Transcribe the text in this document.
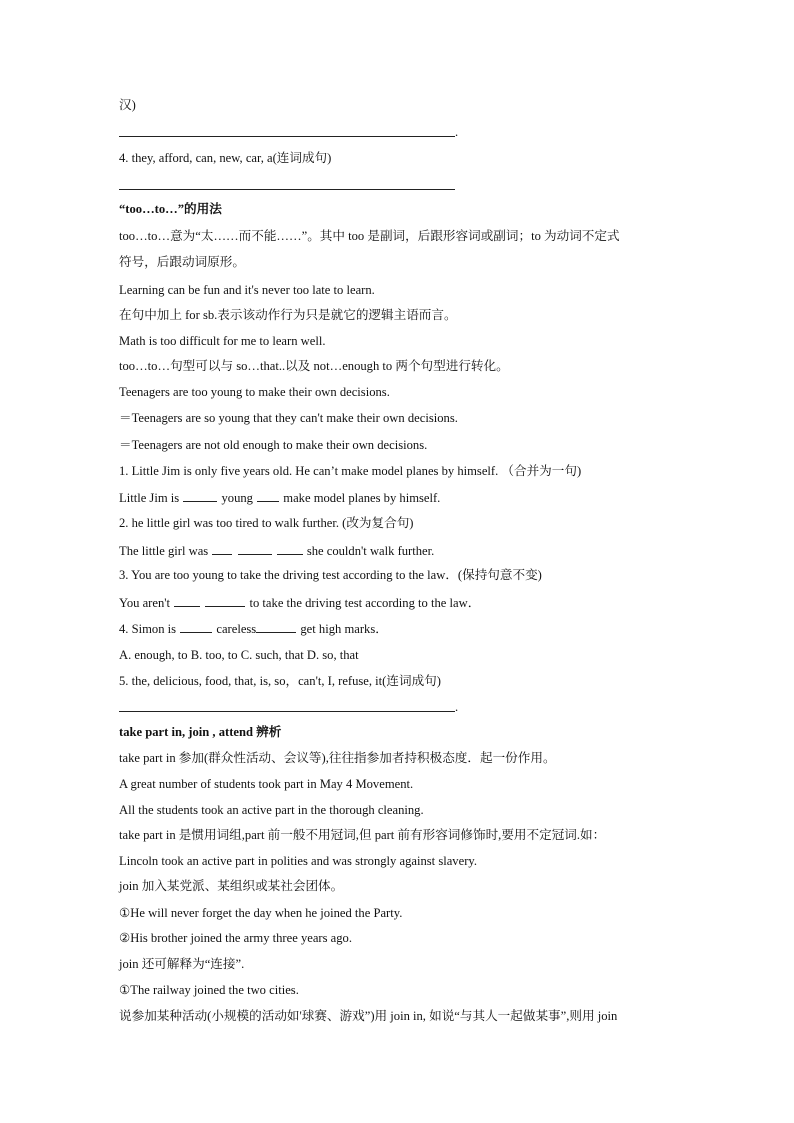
汉)
.
4. they, afford, can, new, car, a(连词成句)
“too…to…”的用法
too…to…意为“太……而不能……”。其中 too 是副词，后跟形容词或副词；to 为动词不定式
符号，后跟动词原形。
Learning can be fun and it's never too late to learn.
在句中加上 for sb.表示该动作行为只是就它的逻辑主语而言。
Math is too difficult for me to learn well.
too…to…句型可以与 so…that..以及 not…enough to 两个句型进行转化。
Teenagers are too young to make their own decisions.
＝Teenagers are so young that they can't make their own decisions.
＝Teenagers are not old enough to make their own decisions.
1. Little Jim is only five years old. He can’t make model planes by himself. （合并为一句)
Little Jim is	young make model planes by himself.
2. he little girl was too tired to walk further. (改为复合句)
The little girl was	she couldn't walk further.
3. You are too young to take the driving test according to the law．(保持句意不变)
You aren't	to take the driving test according to the law．
4. Simon is	careless	get high marks．
A. enough, to B. too, to C. such, that D. so, that
5. the, delicious, food, that, is, so，can't, I, refuse, it(连词成句)
.
take part in, join , attend 辨析
take part in 参加(群众性活动、会议等),往往指参加者持积极态度．起一份作用。
A great number of students took part in May 4 Movement.
All the students took an active part in the thorough cleaning.
take part in 是惯用词组,part 前一般不用冠词,但 part 前有形容词修饰时,要用不定冠词.如：
Lincoln took an active part in polities and was strongly against slavery.
join 加入某党派、某组织或某社会团体。
①He will never forget the day when he joined the Party.
②His brother joined the army three years ago.
join 还可解释为“连接”.
①The railway joined the two cities.
说参加某种活动(小规模的活动如'球赛、游戏”)用 join in, 如说“与其人一起做某事”,则用 join
